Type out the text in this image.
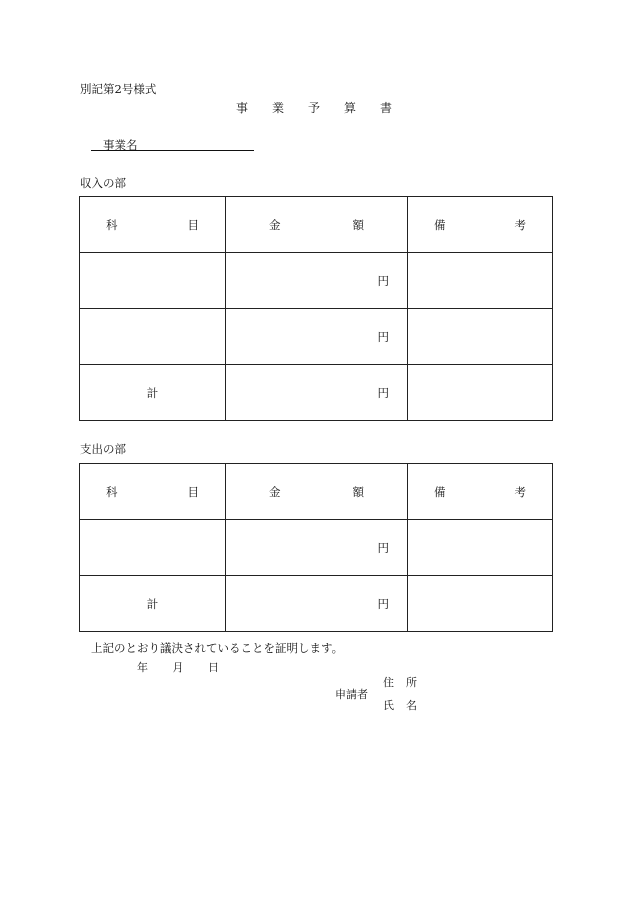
別記第2号様式
事 業 予 算 書
事業名
収入の部
科 目	金 額	備 考

	円	
	円	
計	円	
支出の部
科 目	金 額	備 考

	円	
計	円	
上記のとおり議決されていることを証明します。
年 月 日
申請者
住 所
氏 名
